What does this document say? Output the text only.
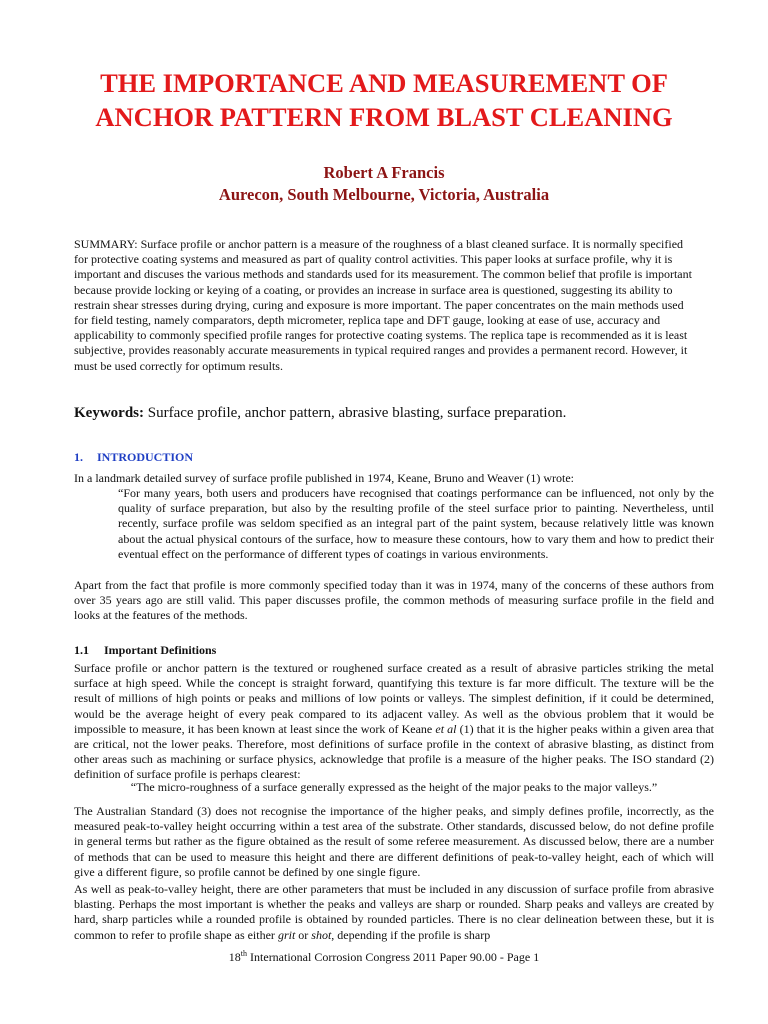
THE IMPORTANCE AND MEASUREMENT OF ANCHOR PATTERN FROM BLAST CLEANING
Robert A Francis
Aurecon, South Melbourne, Victoria, Australia

SUMMARY: Surface profile or anchor pattern is a measure of the roughness of a blast cleaned surface. It is normally specified for protective coating systems and measured as part of quality control activities. This paper looks at surface profile, why it is important and discuses the various methods and standards used for its measurement. The common belief that profile is important because provide locking or keying of a coating, or provides an increase in surface area is questioned, suggesting its ability to restrain shear stresses during drying, curing and exposure is more important. The paper concentrates on the main methods used for field testing, namely comparators, depth micrometer, replica tape and DFT gauge, looking at ease of use, accuracy and applicability to commonly specified profile ranges for protective coating systems. The replica tape is recommended as it is least subjective, provides reasonably accurate measurements in typical required ranges and provides a permanent record. However, it must be used correctly for optimum results.

Keywords: Surface profile, anchor pattern, abrasive blasting, surface preparation.

1. INTRODUCTION

In a landmark detailed survey of surface profile published in 1974, Keane, Bruno and Weaver (1) wrote:

“For many years, both users and producers have recognised that coatings performance can be influenced, not only by the quality of surface preparation, but also by the resulting profile of the steel surface prior to painting. Nevertheless, until recently, surface profile was seldom specified as an integral part of the paint system, because relatively little was known about the actual physical contours of the surface, how to measure these contours, how to vary them and how to predict their eventual effect on the performance of different types of coatings in various environments.

Apart from the fact that profile is more commonly specified today than it was in 1974, many of the concerns of these authors from over 35 years ago are still valid. This paper discusses profile, the common methods of measuring surface profile in the field and looks at the features of the methods.

1.1 Important Definitions

Surface profile or anchor pattern is the textured or roughened surface created as a result of abrasive particles striking the metal surface at high speed. While the concept is straight forward, quantifying this texture is far more difficult. The texture will be the result of millions of high points or peaks and millions of low points or valleys. The simplest definition, if it could be determined, would be the average height of every peak compared to its adjacent valley. As well as the obvious problem that it would be impossible to measure, it has been known at least since the work of Keane et al (1) that it is the higher peaks within a given area that are critical, not the lower peaks. Therefore, most definitions of surface profile in the context of abrasive blasting, as distinct from other areas such as machining or surface physics, acknowledge that profile is a measure of the higher peaks. The ISO standard (2) definition of surface profile is perhaps clearest:

“The micro-roughness of a surface generally expressed as the height of the major peaks to the major valleys.”

The Australian Standard (3) does not recognise the importance of the higher peaks, and simply defines profile, incorrectly, as the measured peak-to-valley height occurring within a test area of the substrate. Other standards, discussed below, do not define profile in general terms but rather as the figure obtained as the result of some referee measurement. As discussed below, there are a number of methods that can be used to measure this height and there are different definitions of peak-to-valley height, each of which will give a different figure, so profile cannot be defined by one single figure.

As well as peak-to-valley height, there are other parameters that must be included in any discussion of surface profile from abrasive blasting. Perhaps the most important is whether the peaks and valleys are sharp or rounded. Sharp peaks and valleys are created by hard, sharp particles while a rounded profile is obtained by rounded particles. There is no clear delineation between these, but it is common to refer to profile shape as either grit or shot, depending if the profile is sharp

18th International Corrosion Congress 2011 Paper 90.00 - Page 1
